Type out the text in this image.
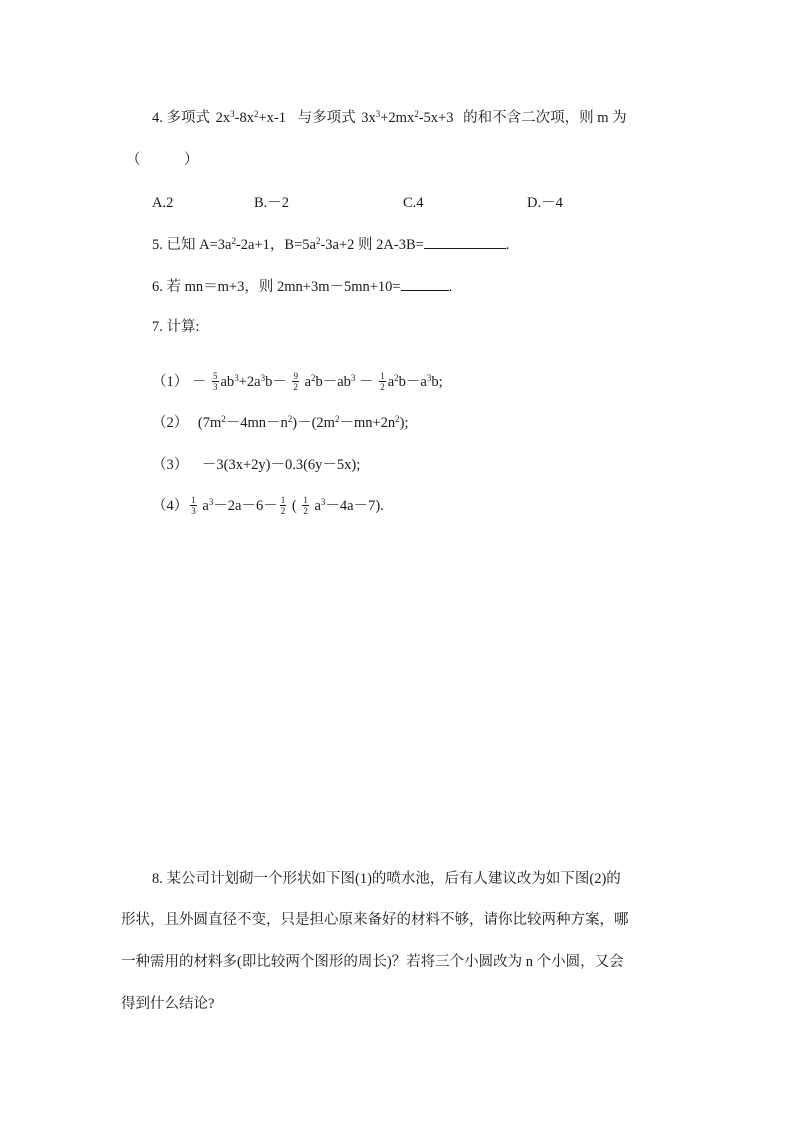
4. 多项式 $2x^3-8x^2+x-1$ 与多项式 $3x^3+2mx^2-5x+3$ 的和不含二次项，则 m 为
（　　　）
A.2	B.－2	C.4	D.－4
5. 已知 $A=3a^2-2a+1$，$B=5a^2-3a+2$ 则 2A-3B=	.
6. 若 mn＝m+3，则 2mn+3m－5mn+10=	.
7. 计算:
$(1) - \frac{5}{3} ab^3+2a^3b- \frac{9}{2} a^2b-ab^3 - \frac{1}{2} a^2b-a^3b$;
（2） $(7m^2-4mn-n^2)-(2m^2-mn+2n^2)$;
（3） －3(3x+2y)－0.3(6y－5x);
$(4) \frac{1}{3} a^3-2a-6- \frac{1}{2}$ ( $\frac{1}{2} a^3-4a-7$).
8. 某公司计划砌一个形状如下图(1)的喷水池，后有人建议改为如下图(2)的
形状，且外圆直径不变，只是担心原来备好的材料不够，请你比较两种方案，哪
一种需用的材料多(即比较两个图形的周长)？若将三个小圆改为 n 个小圆，又会
得到什么结论?
